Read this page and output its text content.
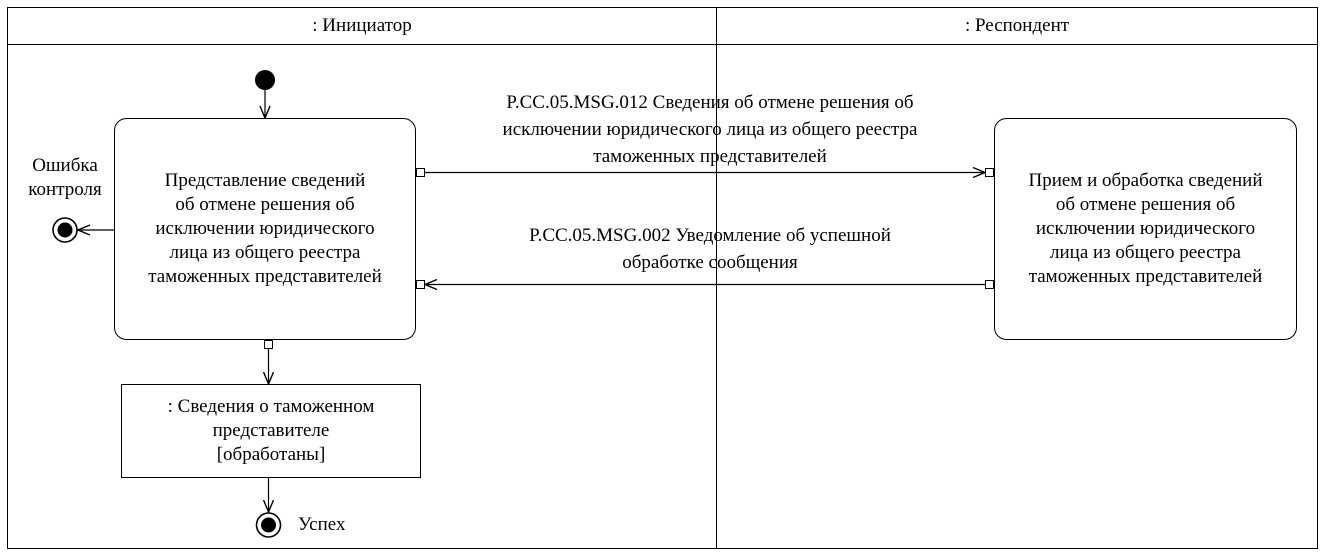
: Инициатор	: Респондент
Представление сведений
об отмене решения об
исключении юридического
лица из общего реестра
таможенных представителей
Прием и обработка сведений
об отмене решения об
исключении юридического
лица из общего реестра
таможенных представителей
P.CC.05.MSG.012 Сведения об отмене решения об
исключении юридического лица из общего реестра
таможенных представителей
P.CC.05.MSG.002 Уведомление об успешной
обработке сообщения
Ошибка
контроля
: Сведения о таможенном
представителе
[обработаны]
Успех
